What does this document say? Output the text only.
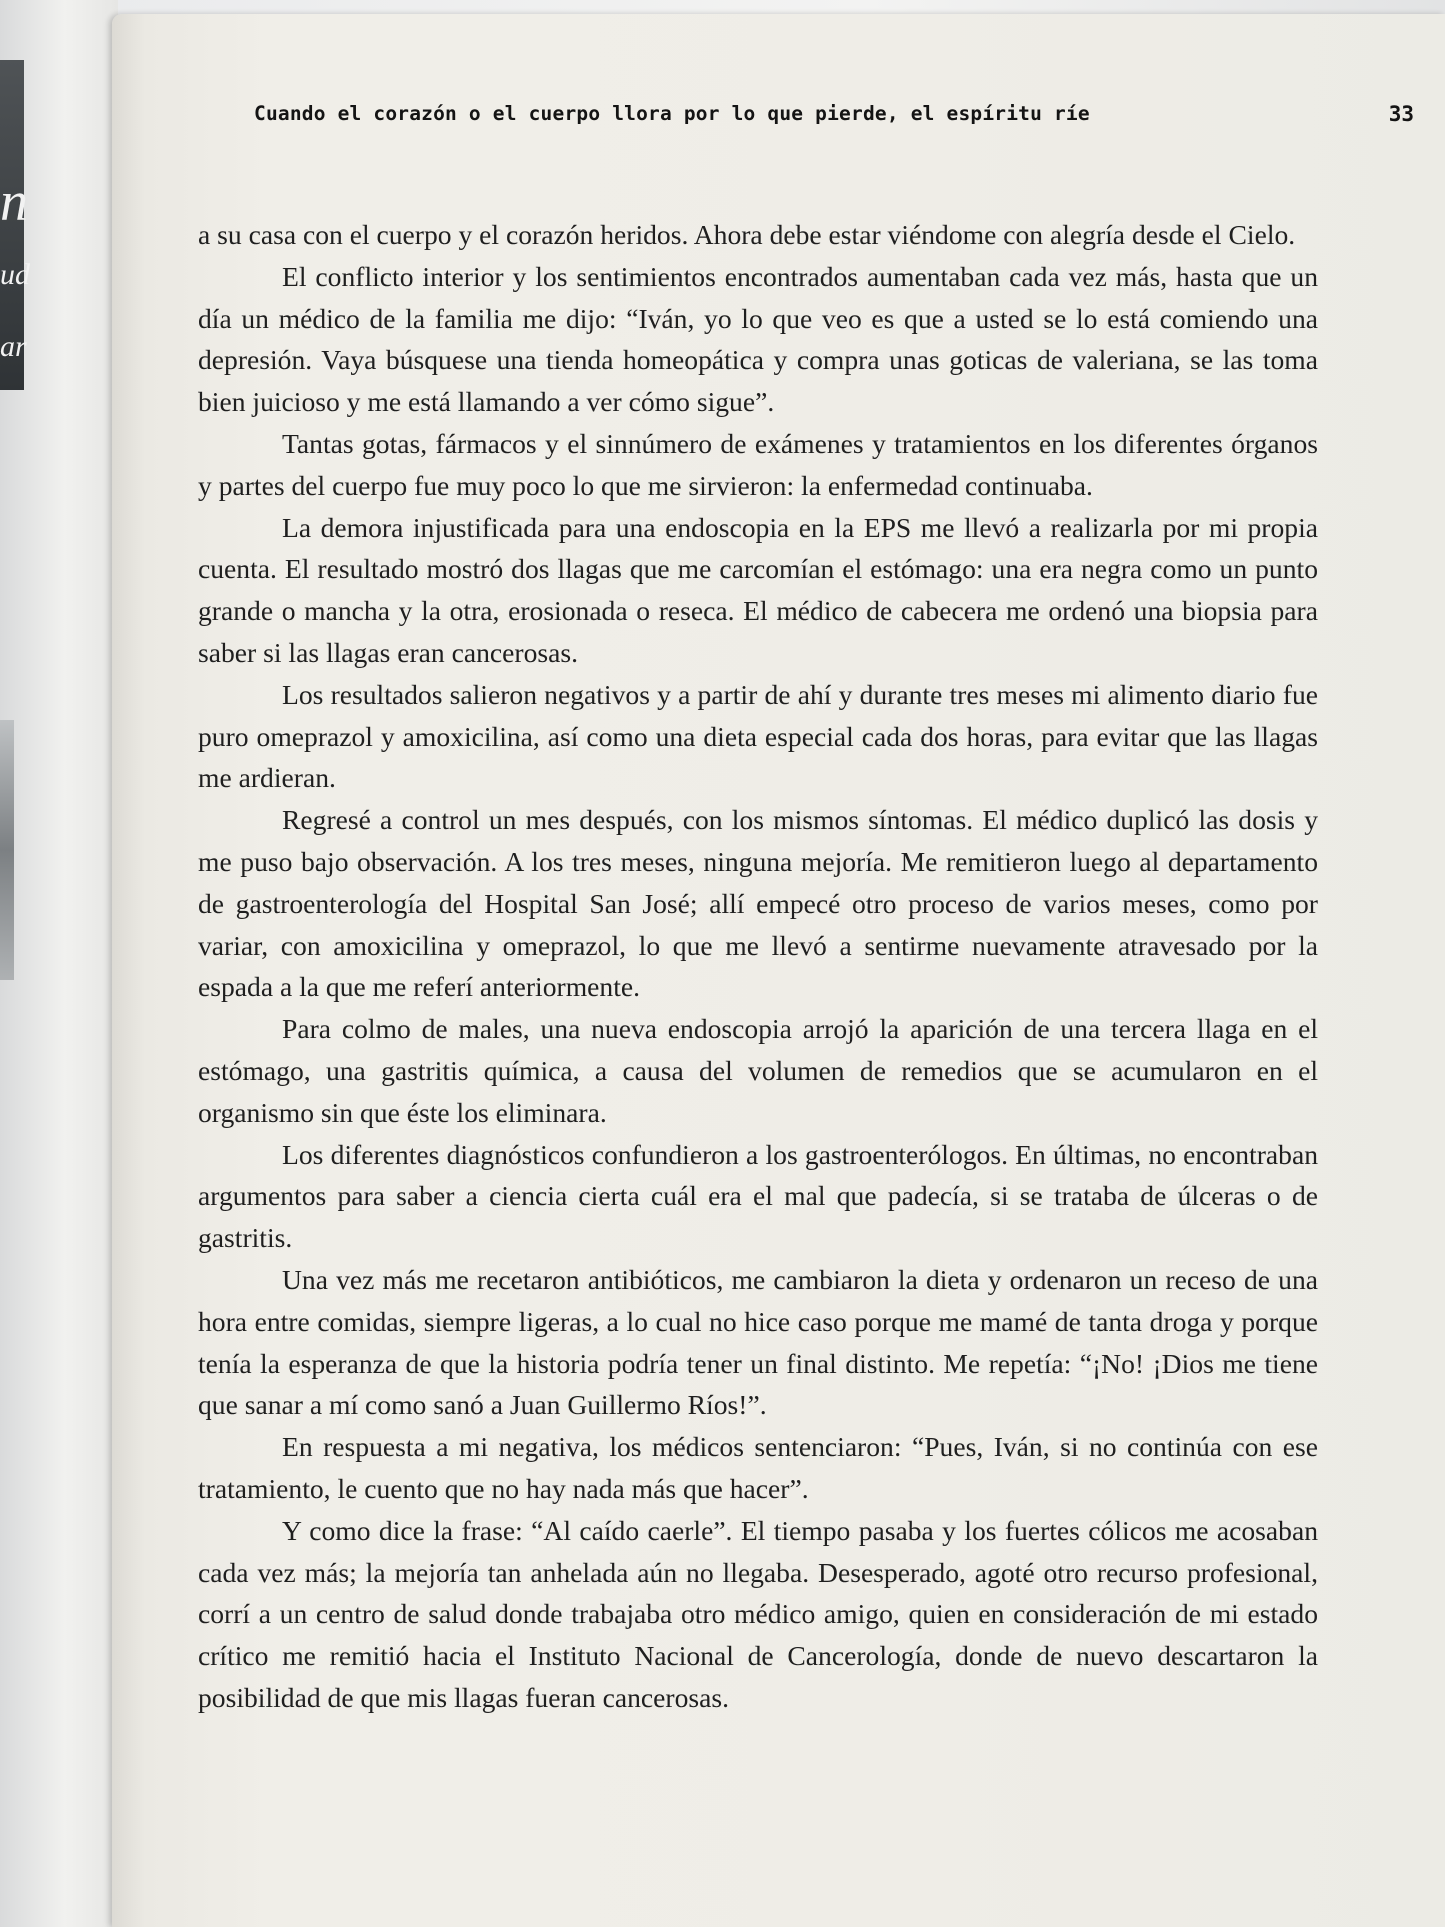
n
ud
ar
Cuando el corazón o el cuerpo llora por lo que pierde, el espíritu ríe	33

a su casa con el cuerpo y el corazón heridos. Ahora debe estar viéndome con alegría desde el Cielo.

El conflicto interior y los sentimientos encontrados aumentaban cada vez más, hasta que un día un médico de la familia me dijo: “Iván, yo lo que veo es que a usted se lo está comiendo una depresión. Vaya búsquese una tienda homeopática y compra unas goticas de valeriana, se las toma bien juicioso y me está llamando a ver cómo sigue”.

Tantas gotas, fármacos y el sinnúmero de exámenes y tratamientos en los diferentes órganos y partes del cuerpo fue muy poco lo que me sirvieron: la enfermedad continuaba.

La demora injustificada para una endoscopia en la EPS me llevó a realizarla por mi propia cuenta. El resultado mostró dos llagas que me carcomían el estómago: una era negra como un punto grande o mancha y la otra, erosionada o reseca. El médico de cabecera me ordenó una biopsia para saber si las llagas eran cancerosas.

Los resultados salieron negativos y a partir de ahí y durante tres meses mi alimento diario fue puro omeprazol y amoxicilina, así como una dieta especial cada dos horas, para evitar que las llagas me ardieran.

Regresé a control un mes después, con los mismos síntomas. El médico duplicó las dosis y me puso bajo observación. A los tres meses, ninguna mejoría. Me remitieron luego al departamento de gastroenterología del Hospital San José; allí empecé otro proceso de varios meses, como por variar, con amoxicilina y omeprazol, lo que me llevó a sentirme nuevamente atravesado por la espada a la que me referí anteriormente.

Para colmo de males, una nueva endoscopia arrojó la aparición de una tercera llaga en el estómago, una gastritis química, a causa del volumen de remedios que se acumularon en el organismo sin que éste los eliminara.

Los diferentes diagnósticos confundieron a los gastroenterólogos. En últimas, no encontraban argumentos para saber a ciencia cierta cuál era el mal que padecía, si se trataba de úlceras o de gastritis.

Una vez más me recetaron antibióticos, me cambiaron la dieta y ordenaron un receso de una hora entre comidas, siempre ligeras, a lo cual no hice caso porque me mamé de tanta droga y porque tenía la esperanza de que la historia podría tener un final distinto. Me repetía: “¡No! ¡Dios me tiene que sanar a mí como sanó a Juan Guillermo Ríos!”.

En respuesta a mi negativa, los médicos sentenciaron: “Pues, Iván, si no continúa con ese tratamiento, le cuento que no hay nada más que hacer”.

Y como dice la frase: “Al caído caerle”. El tiempo pasaba y los fuertes cólicos me acosaban cada vez más; la mejoría tan anhelada aún no llegaba. Desesperado, agoté otro recurso profesional, corrí a un centro de salud donde trabajaba otro médico amigo, quien en consideración de mi estado crítico me remitió hacia el Instituto Nacional de Cancerología, donde de nuevo descartaron la posibilidad de que mis llagas fueran cancerosas.
